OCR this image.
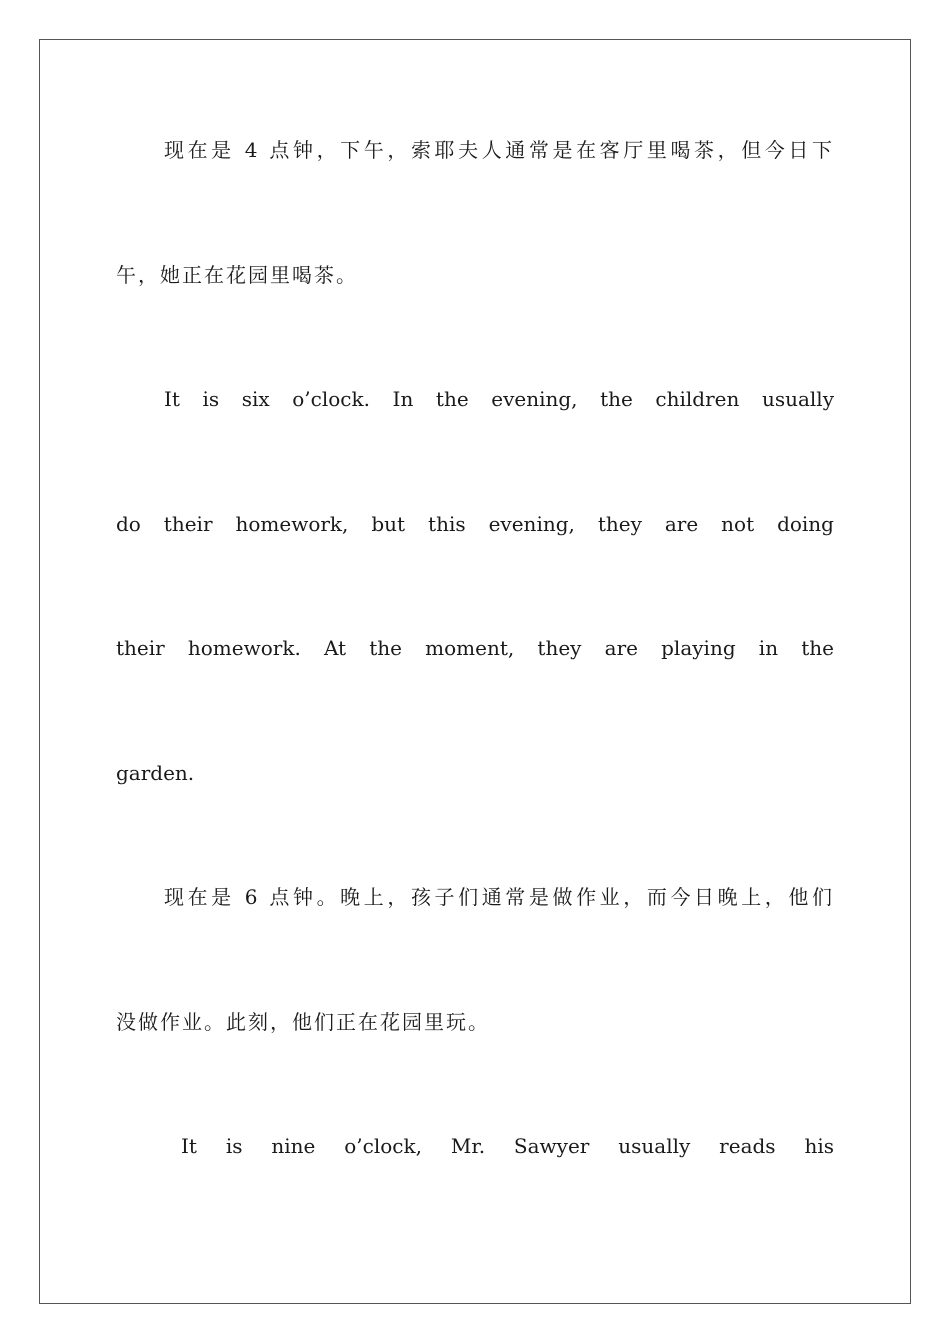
现在是 4 点钟，下午，索耶夫人通常是在客厅里喝茶，但今日下

午，她正在花园里喝茶。

It is six o’clock. In the evening, the children usually

do their homework, but this evening, they are not doing

their homework. At the moment, they are playing in the

garden.

现在是 6 点钟。晚上，孩子们通常是做作业，而今日晚上，他们

没做作业。此刻，他们正在花园里玩。

It is nine o’clock, Mr. Sawyer usually reads his
